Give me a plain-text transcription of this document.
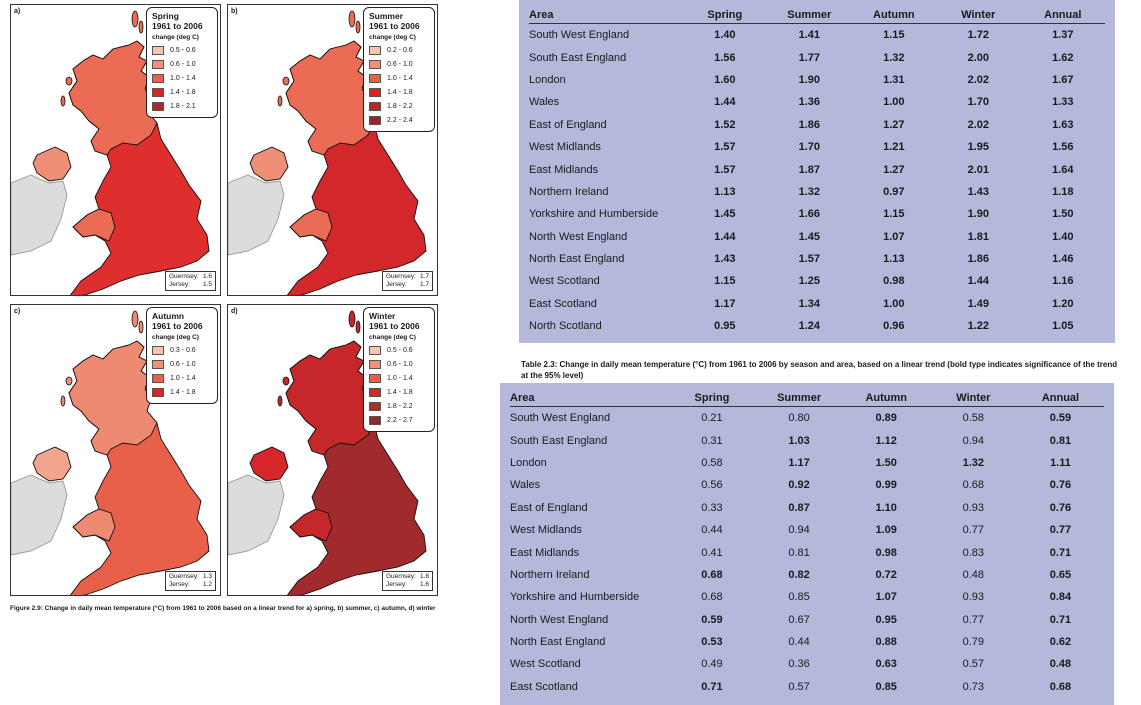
a)	Spring
1961 to 2006
change (deg C)
0.5 - 0.6
0.6 - 1.0
1.0 - 1.4
1.4 - 1.8
1.8 - 2.1
Guernsey: 1.6
Jersey: 1.5
b)	Summer
1961 to 2006
change (deg C)
0.2 - 0.6
0.6 - 1.0
1.0 - 1.4
1.4 - 1.8
1.8 - 2.2
2.2 - 2.4
Guernsey: 1.7
Jersey: 1.7
c)	Autumn
1961 to 2006
change (deg C)
0.3 - 0.6
0.6 - 1.0
1.0 - 1.4
1.4 - 1.8
Guernsey: 1.3
Jersey: 1.2
d)	Winter
1961 to 2006
change (deg C)
0.5 - 0.6
0.6 - 1.0
1.0 - 1.4
1.4 - 1.8
1.8 - 2.2
2.2 - 2.7
Guernsey: 1.8
Jersey: 1.6
Figure 2.9: Change in daily mean temperature (°C) from 1961 to 2006 based on a linear trend for a) spring, b) summer, c) autumn, d) winter
Area	Spring	Summer	Autumn	Winter	Annual
South West England	1.40	1.41	1.15	1.72	1.37
South East England	1.56	1.77	1.32	2.00	1.62
London	1.60	1.90	1.31	2.02	1.67
Wales	1.44	1.36	1.00	1.70	1.33
East of England	1.52	1.86	1.27	2.02	1.63
West Midlands	1.57	1.70	1.21	1.95	1.56
East Midlands	1.57	1.87	1.27	2.01	1.64
Northern Ireland	1.13	1.32	0.97	1.43	1.18
Yorkshire and Humberside	1.45	1.66	1.15	1.90	1.50
North West England	1.44	1.45	1.07	1.81	1.40
North East England	1.43	1.57	1.13	1.86	1.46
West Scotland	1.15	1.25	0.98	1.44	1.16
East Scotland	1.17	1.34	1.00	1.49	1.20
North Scotland	0.95	1.24	0.96	1.22	1.05
Table 2.3: Change in daily mean temperature (°C) from 1961 to 2006 by season and area, based on a linear trend (bold type indicates significance of the trend at the 95% level)
Area	Spring	Summer	Autumn	Winter	Annual
South West England	0.21	0.80	0.89	0.58	0.59
South East England	0.31	1.03	1.12	0.94	0.81
London	0.58	1.17	1.50	1.32	1.11
Wales	0.56	0.92	0.99	0.68	0.76
East of England	0.33	0.87	1.10	0.93	0.76
West Midlands	0.44	0.94	1.09	0.77	0.77
East Midlands	0.41	0.81	0.98	0.83	0.71
Northern Ireland	0.68	0.82	0.72	0.48	0.65
Yorkshire and Humberside	0.68	0.85	1.07	0.93	0.84
North West England	0.59	0.67	0.95	0.77	0.71
North East England	0.53	0.44	0.88	0.79	0.62
West Scotland	0.49	0.36	0.63	0.57	0.48
East Scotland	0.71	0.57	0.85	0.73	0.68
